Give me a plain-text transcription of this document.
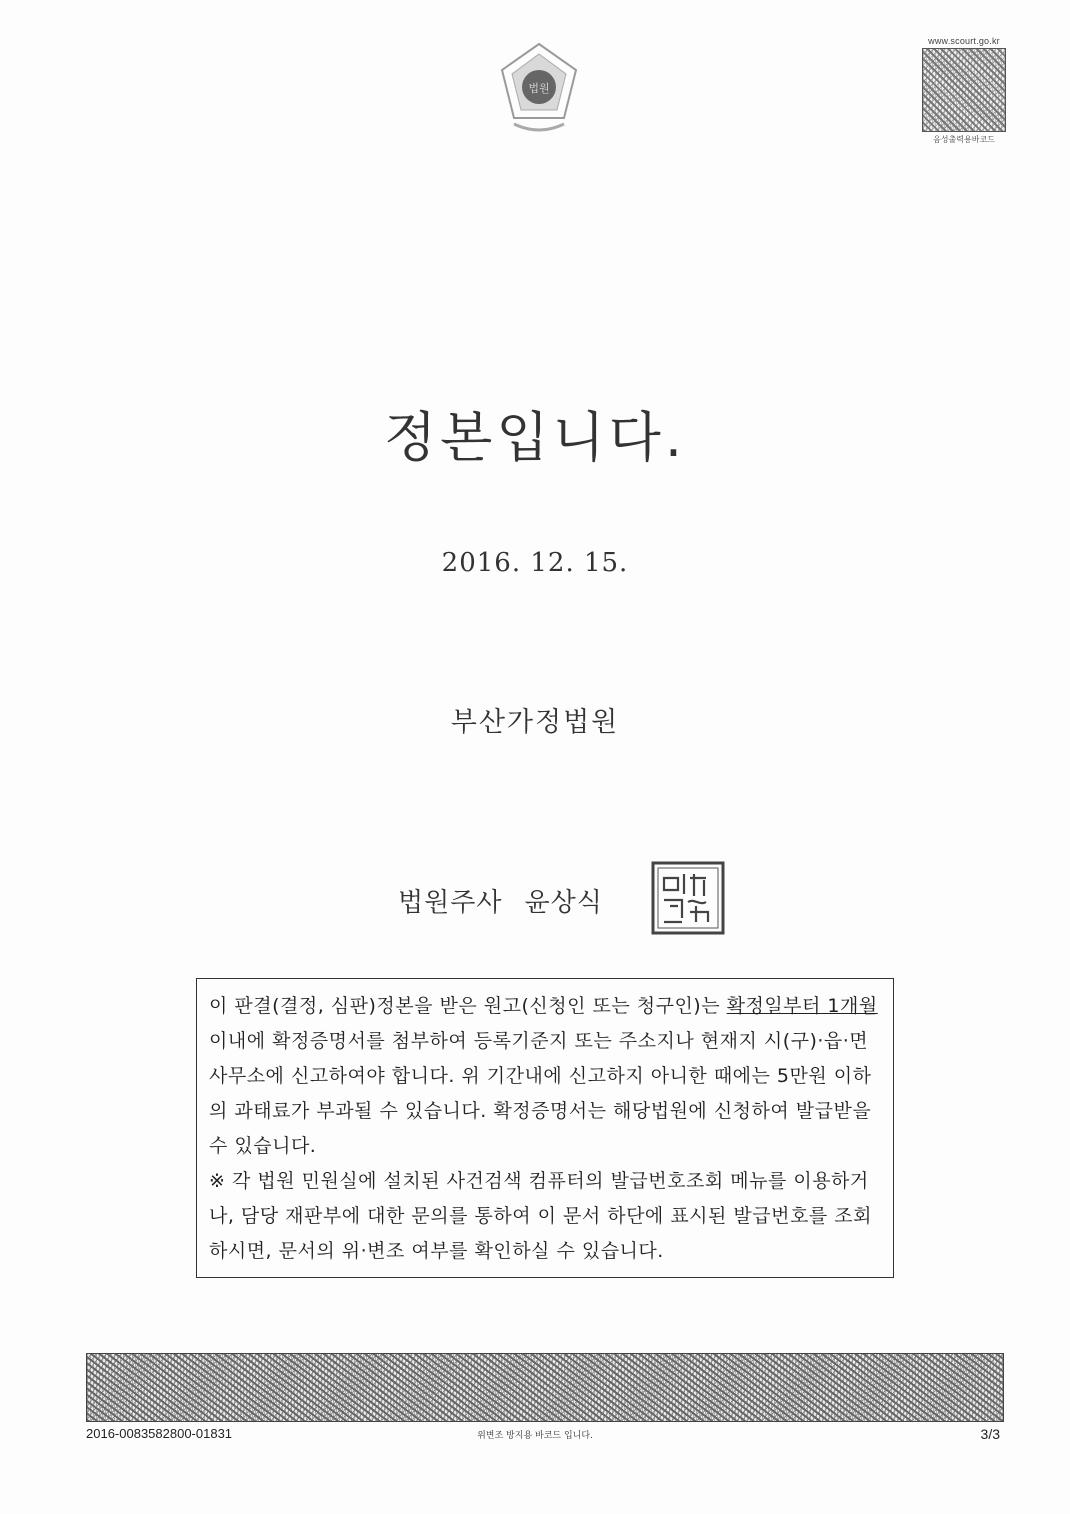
법원
www.scourt.go.kr
음성출력용바코드
정본입니다.
2016. 12. 15.
부산가정법원
법원주사 윤상식

이 판결(결정, 심판)정본을 받은 원고(신청인 또는 청구인)는 확정일부터 1개월 이내에 확정증명서를 첨부하여 등록기준지 또는 주소지나 현재지 시(구)·읍·면사무소에 신고하여야 합니다. 위 기간내에 신고하지 아니한 때에는 5만원 이하의 과태료가 부과될 수 있습니다. 확정증명서는 해당법원에 신청하여 발급받을 수 있습니다.

※ 각 법원 민원실에 설치된 사건검색 컴퓨터의 발급번호조회 메뉴를 이용하거나, 담당 재판부에 대한 문의를 통하여 이 문서 하단에 표시된 발급번호를 조회하시면, 문서의 위·변조 여부를 확인하실 수 있습니다.

2016-0083582800-01831	위변조 방지용 바코드 입니다.	3/3
